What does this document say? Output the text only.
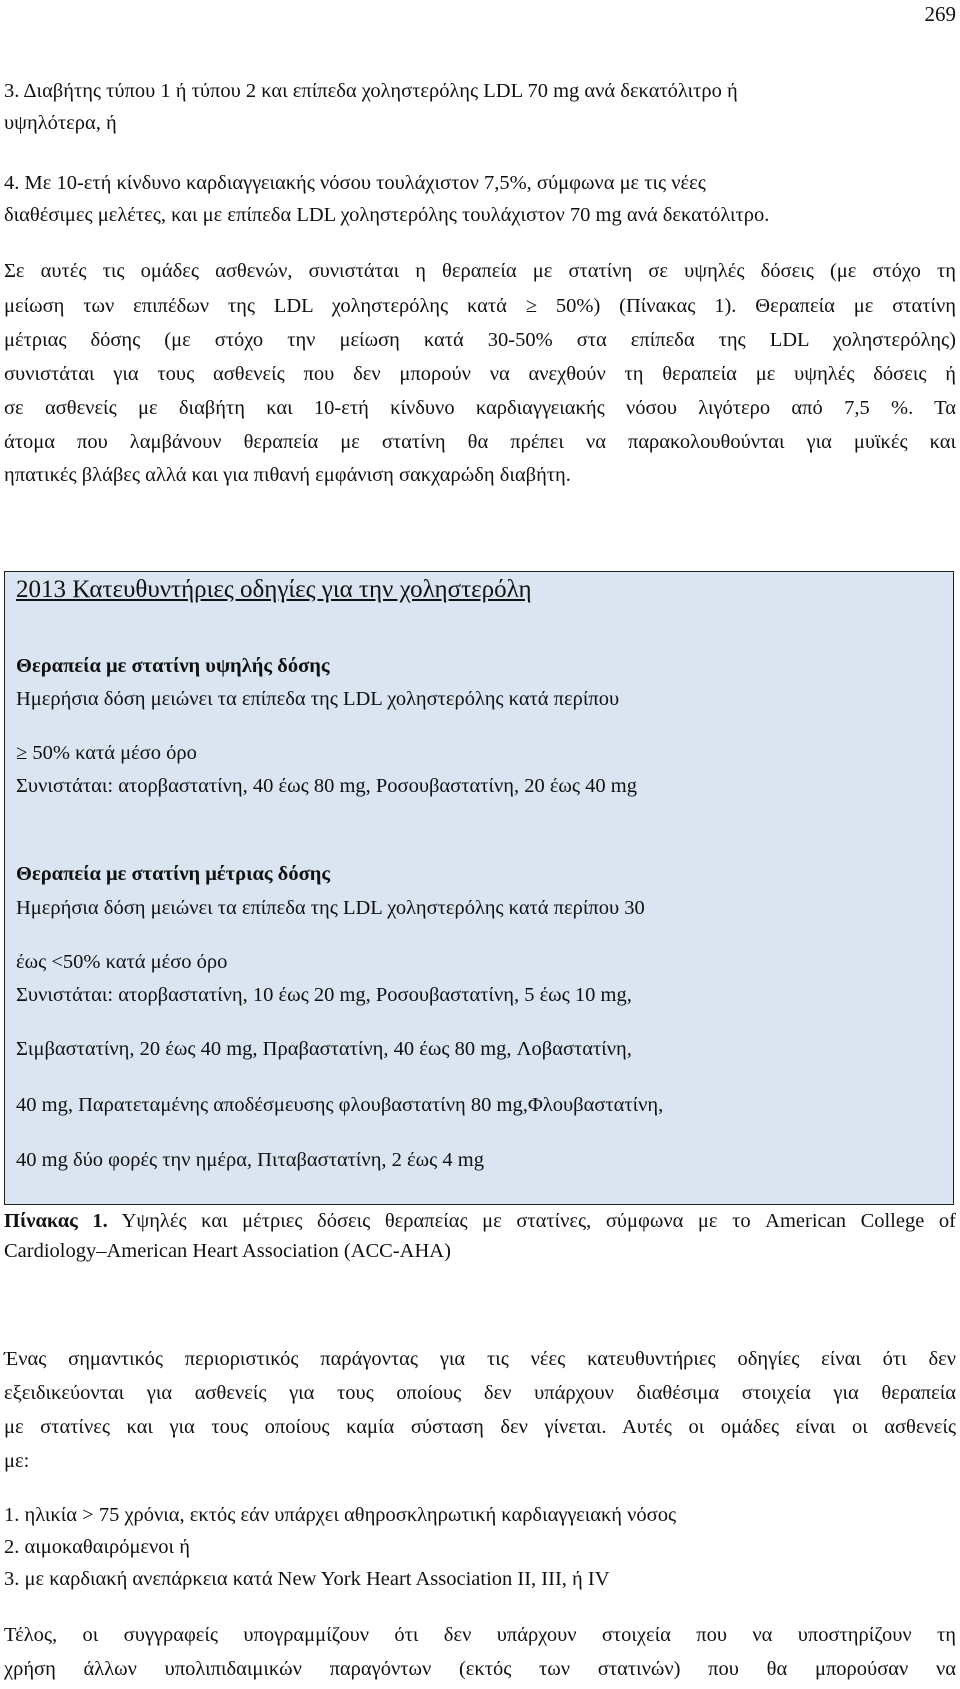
269
3. Διαβήτης τύπου 1 ή τύπου 2 και επίπεδα χοληστερόλης LDL 70 mg ανά δεκατόλιτρο ή
υψηλότερα, ή
4. Με 10-ετή κίνδυνο καρδιαγγειακής νόσου τουλάχιστον 7,5%, σύμφωνα με τις νέες
διαθέσιμες μελέτες, και με επίπεδα LDL χοληστερόλης τουλάχιστον 70 mg ανά δεκατόλιτρο.
Σε αυτές τις ομάδες ασθενών, συνιστάται η θεραπεία με στατίνη σε υψηλές δόσεις (με στόχο τη
μείωση των επιπέδων της LDL χοληστερόλης κατά ≥ 50%) (Πίνακας 1). Θεραπεία με στατίνη
μέτριας δόσης (με στόχο την μείωση κατά 30-50% στα επίπεδα της LDL χοληστερόλης)
συνιστάται για τους ασθενείς που δεν μπορούν να ανεχθούν τη θεραπεία με υψηλές δόσεις ή
σε ασθενείς με διαβήτη και 10-ετή κίνδυνο καρδιαγγειακής νόσου λιγότερο από 7,5 %. Τα
άτομα που λαμβάνουν θεραπεία με στατίνη θα πρέπει να παρακολουθούνται για μυϊκές και
ηπατικές βλάβες αλλά και για πιθανή εμφάνιση σακχαρώδη διαβήτη.
2013 Κατευθυντήριες οδηγίες για την χοληστερόλη
Θεραπεία με στατίνη υψηλής δόσης
Ημερήσια δόση μειώνει τα επίπεδα της LDL χοληστερόλης κατά περίπου
≥ 50% κατά μέσο όρο
Συνιστάται: ατορβαστατίνη, 40 έως 80 mg, Ροσουβαστατίνη, 20 έως 40 mg
Θεραπεία με στατίνη μέτριας δόσης
Ημερήσια δόση μειώνει τα επίπεδα της LDL χοληστερόλης κατά περίπου 30
έως <50% κατά μέσο όρο
Συνιστάται: ατορβαστατίνη, 10 έως 20 mg, Ροσουβαστατίνη, 5 έως 10 mg,
Σιμβαστατίνη, 20 έως 40 mg, Πραβαστατίνη, 40 έως 80 mg, Λοβαστατίνη,
40 mg, Παρατεταμένης αποδέσμευσης φλουβαστατίνη 80 mg,Φλουβαστατίνη,
40 mg δύο φορές την ημέρα, Πιταβαστατίνη, 2 έως 4 mg
Πίνακας 1. Υψηλές και μέτριες δόσεις θεραπείας με στατίνες, σύμφωνα με το American College of
Cardiology–American Heart Association (ACC-AHA)
Ένας σημαντικός περιοριστικός παράγοντας για τις νέες κατευθυντήριες οδηγίες είναι ότι δεν
εξειδικεύονται για ασθενείς για τους οποίους δεν υπάρχουν διαθέσιμα στοιχεία για θεραπεία
με στατίνες και για τους οποίους καμία σύσταση δεν γίνεται. Αυτές οι ομάδες είναι οι ασθενείς
με:
1. ηλικία > 75 χρόνια, εκτός εάν υπάρχει αθηροσκληρωτική καρδιαγγειακή νόσος
2. αιμοκαθαιρόμενοι ή
3. με καρδιακή ανεπάρκεια κατά New York Heart Association II, III, ή IV
Τέλος, οι συγγραφείς υπογραμμίζουν ότι δεν υπάρχουν στοιχεία που να υποστηρίζουν τη
χρήση άλλων υπολιπιδαιμικών παραγόντων (εκτός των στατινών) που θα μπορούσαν να
